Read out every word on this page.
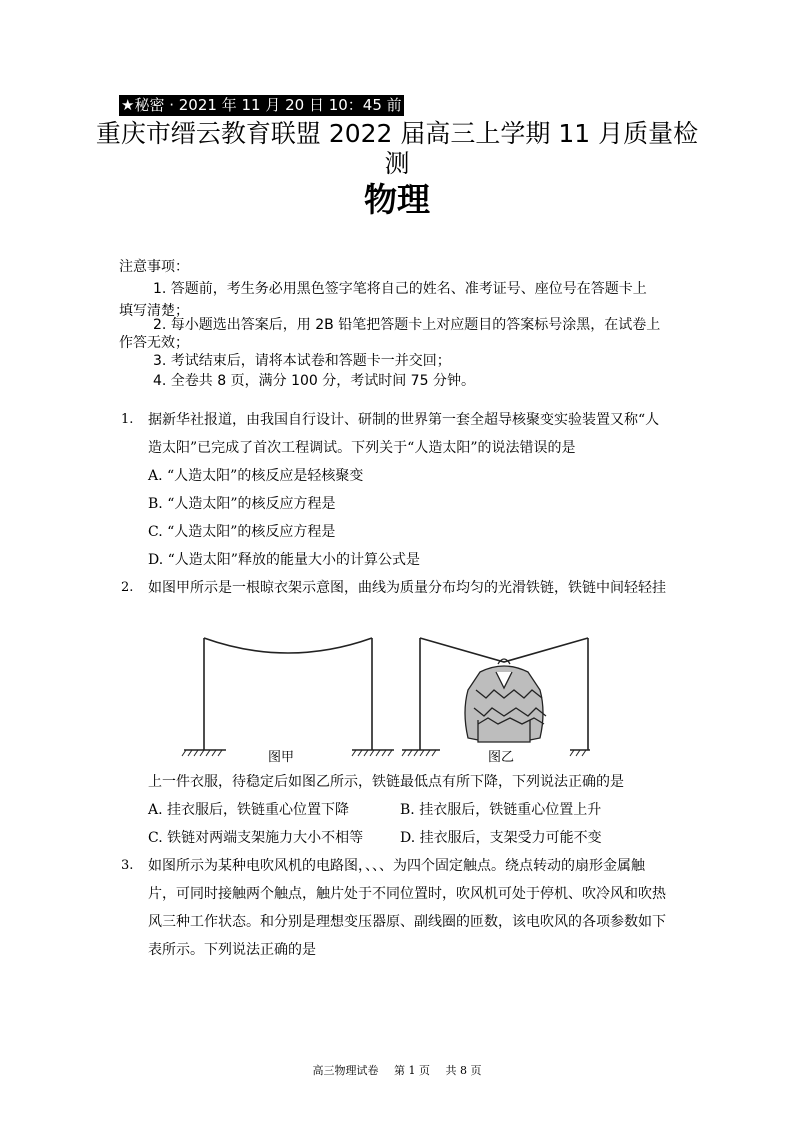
★秘密 · 2021 年 11 月 20 日 10：45 前
重庆市缙云教育联盟 2022 届高三上学期 11 月质量检
测
物理
注意事项：
1. 答题前，考生务必用黑色签字笔将自己的姓名、准考证号、座位号在答题卡上
填写清楚；
2. 每小题选出答案后，用 2B 铅笔把答题卡上对应题目的答案标号涂黑，在试卷上
作答无效；
3. 考试结束后，请将本试卷和答题卡一并交回；
4. 全卷共 8 页，满分 100 分，考试时间 75 分钟。
1. 据新华社报道，由我国自行设计、研制的世界第一套全超导核聚变实验装置又称“人
造太阳”已完成了首次工程调试。下列关于“人造太阳”的说法错误的是
A. “人造太阳”的核反应是轻核聚变
B. “人造太阳”的核反应方程是
C. “人造太阳”的核反应方程是
D. “人造太阳”释放的能量大小的计算公式是
2. 如图甲所示是一根晾衣架示意图，曲线为质量分布均匀的光滑铁链，铁链中间轻轻挂
图甲	图乙
上一件衣服，待稳定后如图乙所示，铁链最低点有所下降，下列说法正确的是
A. 挂衣服后，铁链重心位置下降	B. 挂衣服后，铁链重心位置上升
C. 铁链对两端支架施力大小不相等	D. 挂衣服后，支架受力可能不变
3. 如图所示为某种电吹风机的电路图，、、、为四个固定触点。绕点转动的扇形金属触
片，可同时接触两个触点，触片处于不同位置时，吹风机可处于停机、吹冷风和吹热
风三种工作状态。和分别是理想变压器原、副线圈的匝数，该电吹风的各项参数如下
表所示。下列说法正确的是
高三物理试卷 第 1 页 共 8 页
